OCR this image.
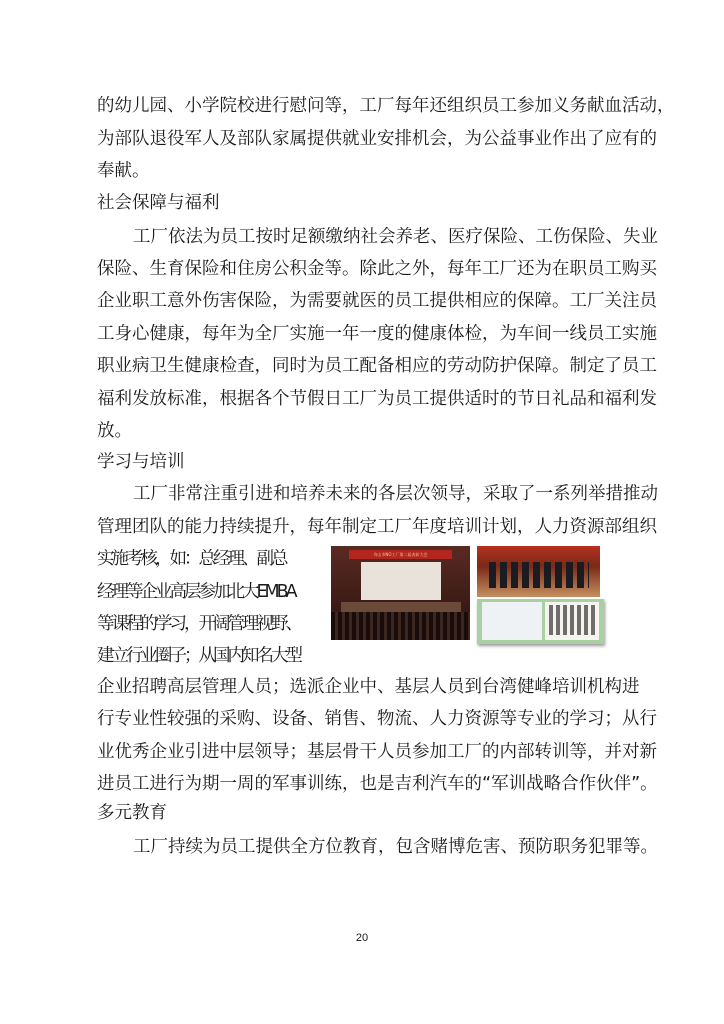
的幼儿园、小学院校进行慰问等，工厂每年还组织员工参加义务献血活动，
为部队退役军人及部队家属提供就业安排机会，为公益事业作出了应有的
奉献。
社会保障与福利
工厂依法为员工按时足额缴纳社会养老、医疗保险、工伤保险、失业
保险、生育保险和住房公积金等。除此之外，每年工厂还为在职员工购买
企业职工意外伤害保险，为需要就医的员工提供相应的保障。工厂关注员
工身心健康，每年为全厂实施一年一度的健康体检，为车间一线员工实施
职业病卫生健康检查，同时为员工配备相应的劳动防护保障。制定了员工
福利发放标准，根据各个节假日工厂为员工提供适时的节日礼品和福利发
放。
学习与培训
工厂非常注重引进和培养未来的各层次领导，采取了一系列举措推动
管理团队的能力持续提升，每年制定工厂年度培训计划，人力资源部组织
实施考核，如：总经理、副总
经理等企业高层参加北大EMBA
等课程的学习，开阔管理视野、
建立行业圈子；从国内知名大型
企业招聘高层管理人员；选派企业中、基层人员到台湾健峰培训机构进
行专业性较强的采购、设备、销售、物流、人力资源等专业的学习；从行
业优秀企业引进中层领导；基层骨干人员参加工厂的内部转训等，并对新
进员工进行为期一周的军事训练，也是吉利汽车的“军训战略合作伙伴”。
多元教育
工厂持续为员工提供全方位教育，包含赌博危害、预防职务犯罪等。
舟山市NO工厂第二届表彰大会
20
